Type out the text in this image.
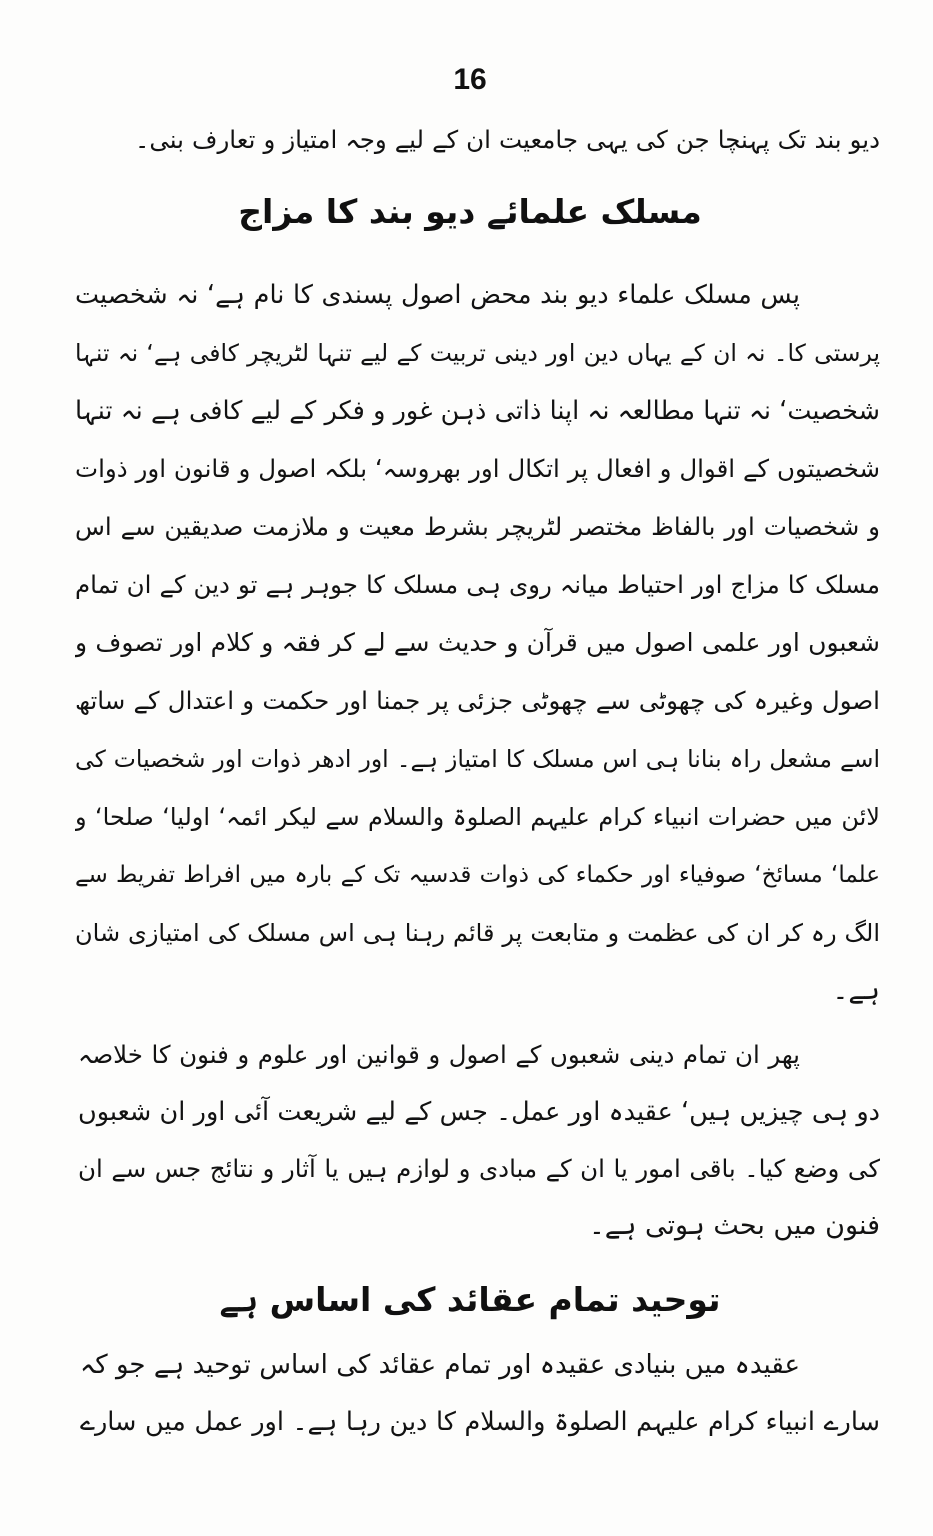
16
دیو بند تک پہنچا جن کی یہی جامعیت ان کے لیے وجہ امتیاز و تعارف بنی۔
مسلک علمائے دیو بند کا مزاج
پس مسلک علماء دیو بند محض اصول پسندی کا نام ہے‘ نہ شخصیت
پرستی کا۔ نہ ان کے یہاں دین اور دینی تربیت کے لیے تنہا لٹریچر کافی ہے‘ نہ تنہا
شخصیت‘ نہ تنہا مطالعہ نہ اپنا ذاتی ذہن غور و فکر کے لیے کافی ہے نہ تنہا
شخصیتوں کے اقوال و افعال پر اتکال اور بھروسہ‘ بلکہ اصول و قانون اور ذوات
و شخصیات اور بالفاظ مختصر لٹریچر بشرط معیت و ملازمت صدیقین سے اس
مسلک کا مزاج اور احتیاط میانہ روی ہی مسلک کا جوہر ہے تو دین کے ان تمام
شعبوں اور علمی اصول میں قرآن و حدیث سے لے کر فقہ و کلام اور تصوف و
اصول وغیرہ کی چھوٹی سے چھوٹی جزئی پر جمنا اور حکمت و اعتدال کے ساتھ
اسے مشعل راہ بنانا ہی اس مسلک کا امتیاز ہے۔ اور ادھر ذوات اور شخصیات کی
لائن میں حضرات انبیاء کرام علیہم الصلوۃ والسلام سے لیکر ائمہ‘ اولیا‘ صلحا‘ و
علما‘ مسائخ‘ صوفیاء اور حکماء کی ذوات قدسیہ تک کے بارہ میں افراط تفریط سے
الگ رہ کر ان کی عظمت و متابعت پر قائم رہنا ہی اس مسلک کی امتیازی شان
ہے۔
پھر ان تمام دینی شعبوں کے اصول و قوانین اور علوم و فنون کا خلاصہ
دو ہی چیزیں ہیں‘ عقیدہ اور عمل۔ جس کے لیے شریعت آئی اور ان شعبوں
کی وضع کیا۔ باقی امور یا ان کے مبادی و لوازم ہیں یا آثار و نتائج جس سے ان
فنون میں بحث ہوتی ہے۔
توحید تمام عقائد کی اساس ہے
عقیدہ میں بنیادی عقیدہ اور تمام عقائد کی اساس توحید ہے جو کہ
سارے انبیاء کرام علیہم الصلوۃ والسلام کا دین رہا ہے۔ اور عمل میں سارے
